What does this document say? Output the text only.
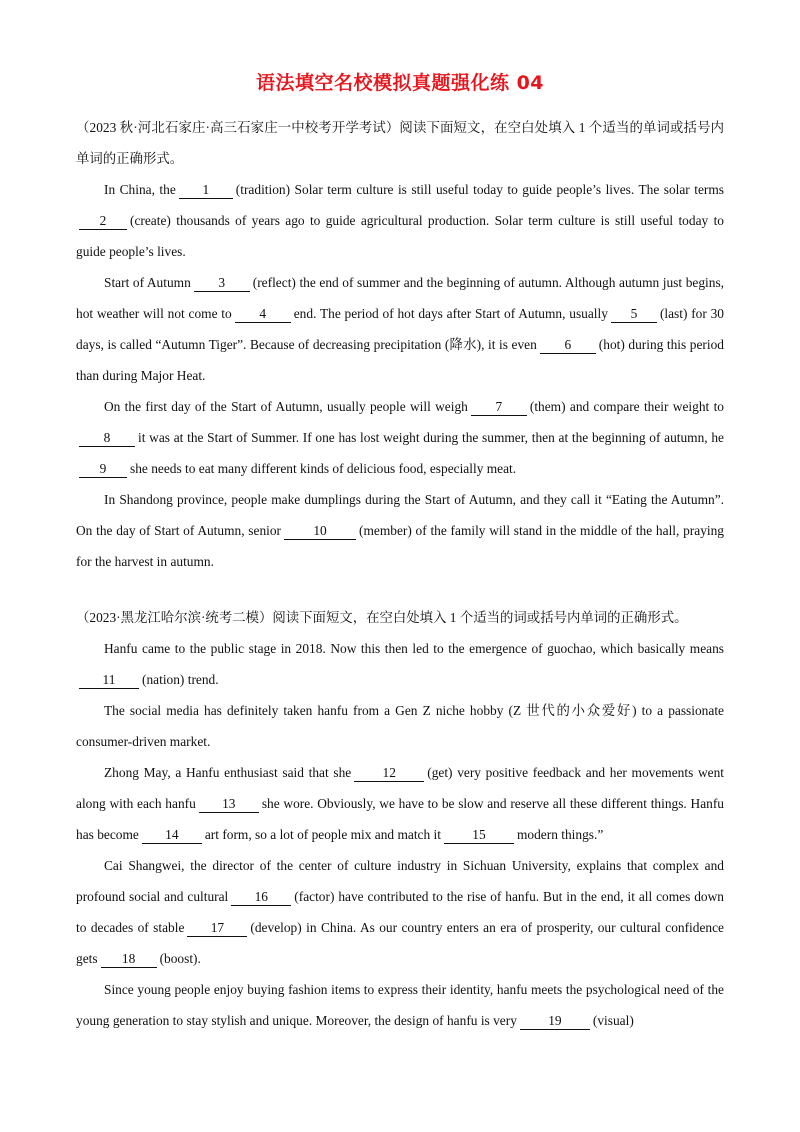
语法填空名校模拟真题强化练 04

（2023 秋·河北石家庄·高三石家庄一中校考开学考试）阅读下面短文，在空白处填入 1 个适当的单词或括号内单词的正确形式。

In China, the 1 (tradition) Solar term culture is still useful today to guide people’s lives. The solar terms2 (create) thousands of years ago to guide agricultural production. Solar term culture is still useful today to guide people’s lives.

Start of Autumn 3 (reflect) the end of summer and the beginning of autumn. Although autumn just begins, hot weather will not come to 4 end. The period of hot days after Start of Autumn, usually 5 (last) for 30 days, is called “Autumn Tiger”. Because of decreasing precipitation (降水), it is even 6 (hot) during this period than during Major Heat.

On the first day of the Start of Autumn, usually people will weigh 7 (them) and compare their weight to8 it was at the Start of Summer. If one has lost weight during the summer, then at the beginning of autumn, he9 she needs to eat many different kinds of delicious food, especially meat.

In Shandong province, people make dumplings during the Start of Autumn, and they call it “Eating the Autumn”. On the day of Start of Autumn, senior 10 (member) of the family will stand in the middle of the hall, praying for the harvest in autumn.

（2023·黑龙江哈尔滨·统考二模）阅读下面短文，在空白处填入 1 个适当的词或括号内单词的正确形式。

Hanfu came to the public stage in 2018. Now this then led to the emergence of guochao, which basically means11 (nation) trend.

The social media has definitely taken hanfu from a Gen Z niche hobby (Z 世代的小众爱好) to a passionate consumer-driven market.

Zhong May, a Hanfu enthusiast said that she 12 (get) very positive feedback and her movements went along with each hanfu 13 she wore. Obviously, we have to be slow and reserve all these different things. Hanfu has become 14 art form, so a lot of people mix and match it 15 modern things.”

Cai Shangwei, the director of the center of culture industry in Sichuan University, explains that complex and profound social and cultural 16 (factor) have contributed to the rise of hanfu. But in the end, it all comes down to decades of stable 17 (develop) in China. As our country enters an era of prosperity, our cultural confidence gets 18 (boost).

Since young people enjoy buying fashion items to express their identity, hanfu meets the psychological need of the young generation to stay stylish and unique. Moreover, the design of hanfu is very 19 (visual)
